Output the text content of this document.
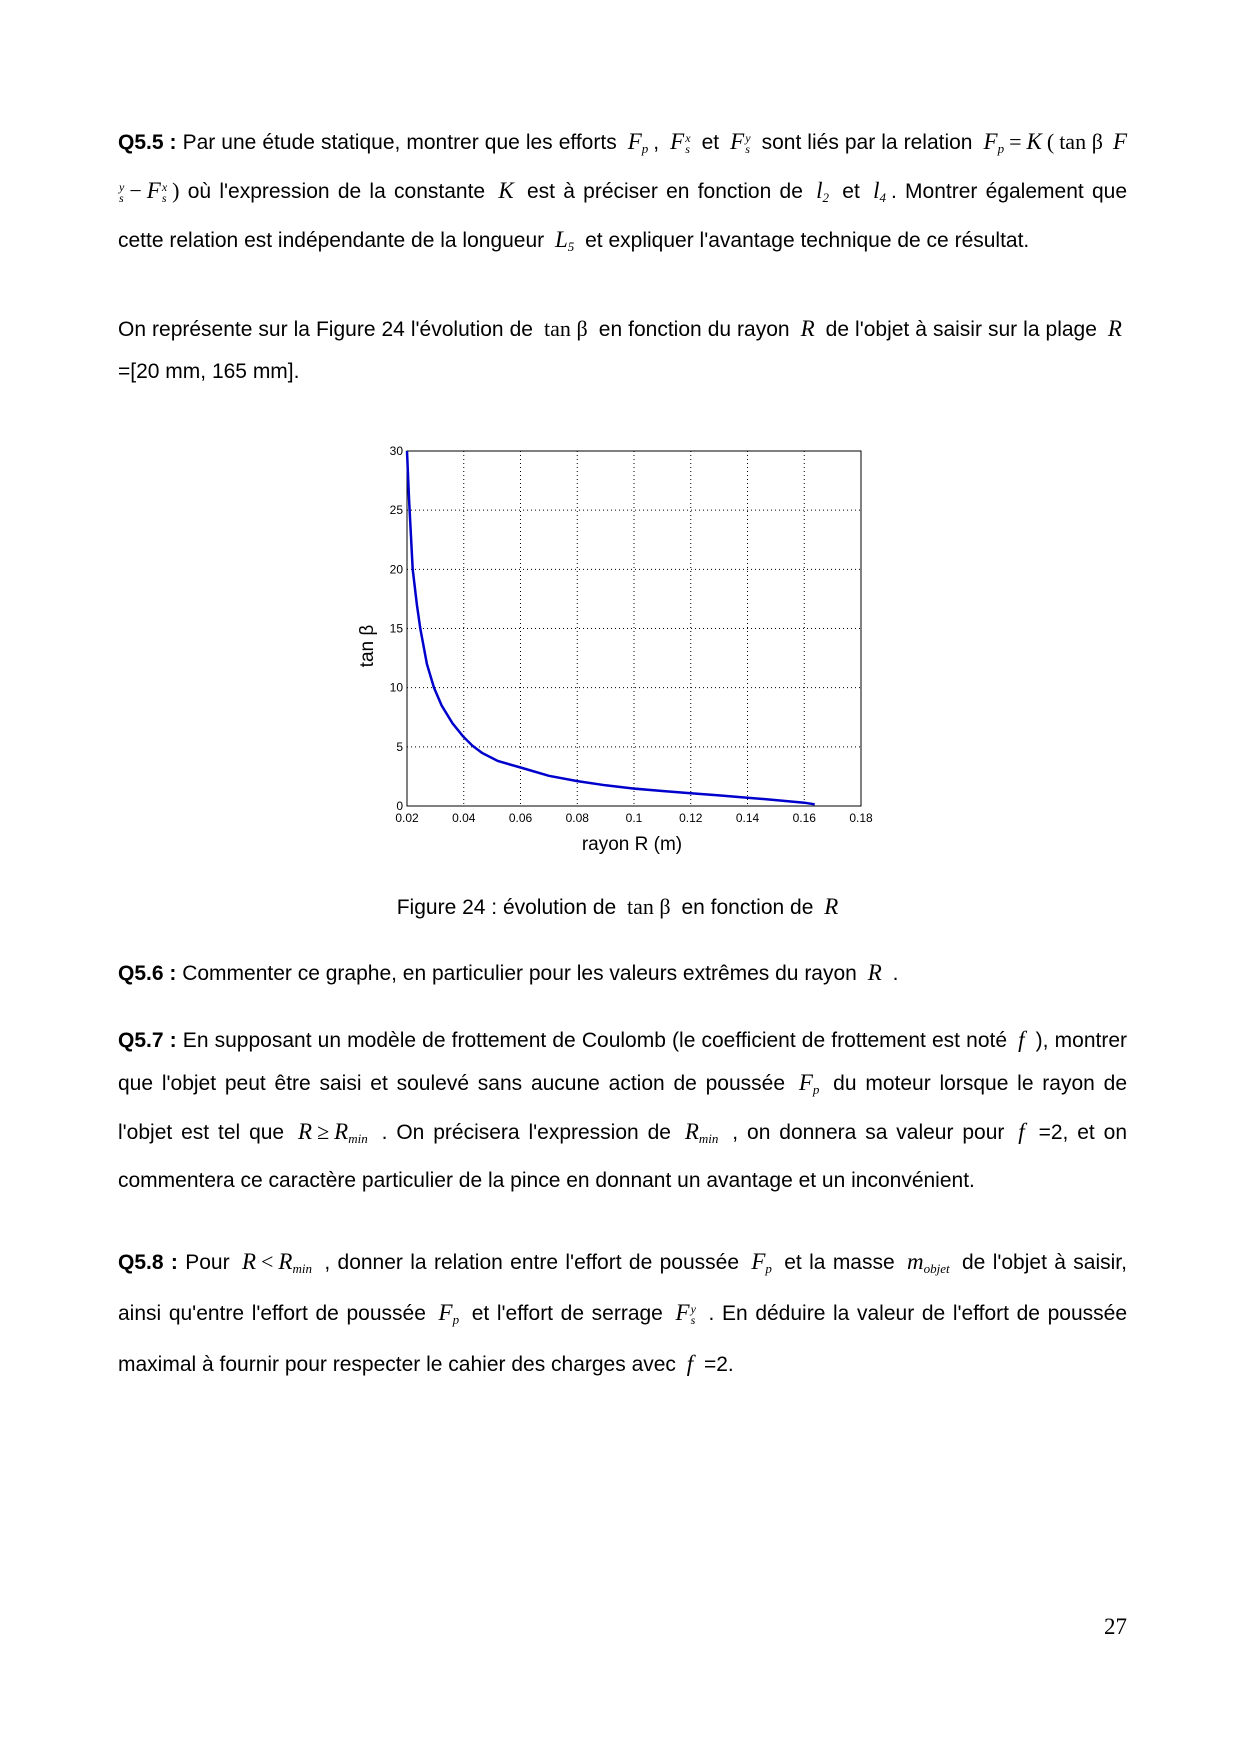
Q5.5 : Par une étude statique, montrer que les efforts $F_p$ , F x
s et F y
s sont liés par la relation $F_p = K$ ( tan β F
y
s − F x
s ) où l'expression de la constante K est à préciser en fonction de $l_2$ et $l_4$ . Montrer également que cette relation est indépendante de la longueur $L_5$ et expliquer l'avantage technique de ce résultat.
On représente sur la Figure 24 l'évolution de tan β en fonction du rayon R de l'objet à saisir sur la plage R =[20 mm, 165 mm].
0.02	0.04	0.06	0.08	0.1	0.12	0.14	0.16	0.18
0
5
10
15
20
25
30
rayon R (m)
tan β
Figure 24 : évolution de tan β en fonction de R
Q5.6 : Commenter ce graphe, en particulier pour les valeurs extrêmes du rayon R .
Q5.7 : En supposant un modèle de frottement de Coulomb (le coefficient de frottement est noté f ), montrer que l'objet peut être saisi et soulevé sans aucune action de poussée $F_p$ du moteur lorsque le rayon de l'objet est tel que $R \ge R_{min}$ . On précisera l'expression de $R_{min}$ , on donnera sa valeur pour f =2, et on commentera ce caractère particulier de la pince en donnant un avantage et un inconvénient.
Q5.8 : Pour $R < R_{min}$ , donner la relation entre l'effort de poussée $F_p$ et la masse $m_{objet}$ de l'objet à saisir, ainsi qu'entre l'effort de poussée $F_p$ et l'effort de serrage F y
s . En déduire la valeur de l'effort de poussée maximal à fournir pour respecter le cahier des charges avec f =2.
27
